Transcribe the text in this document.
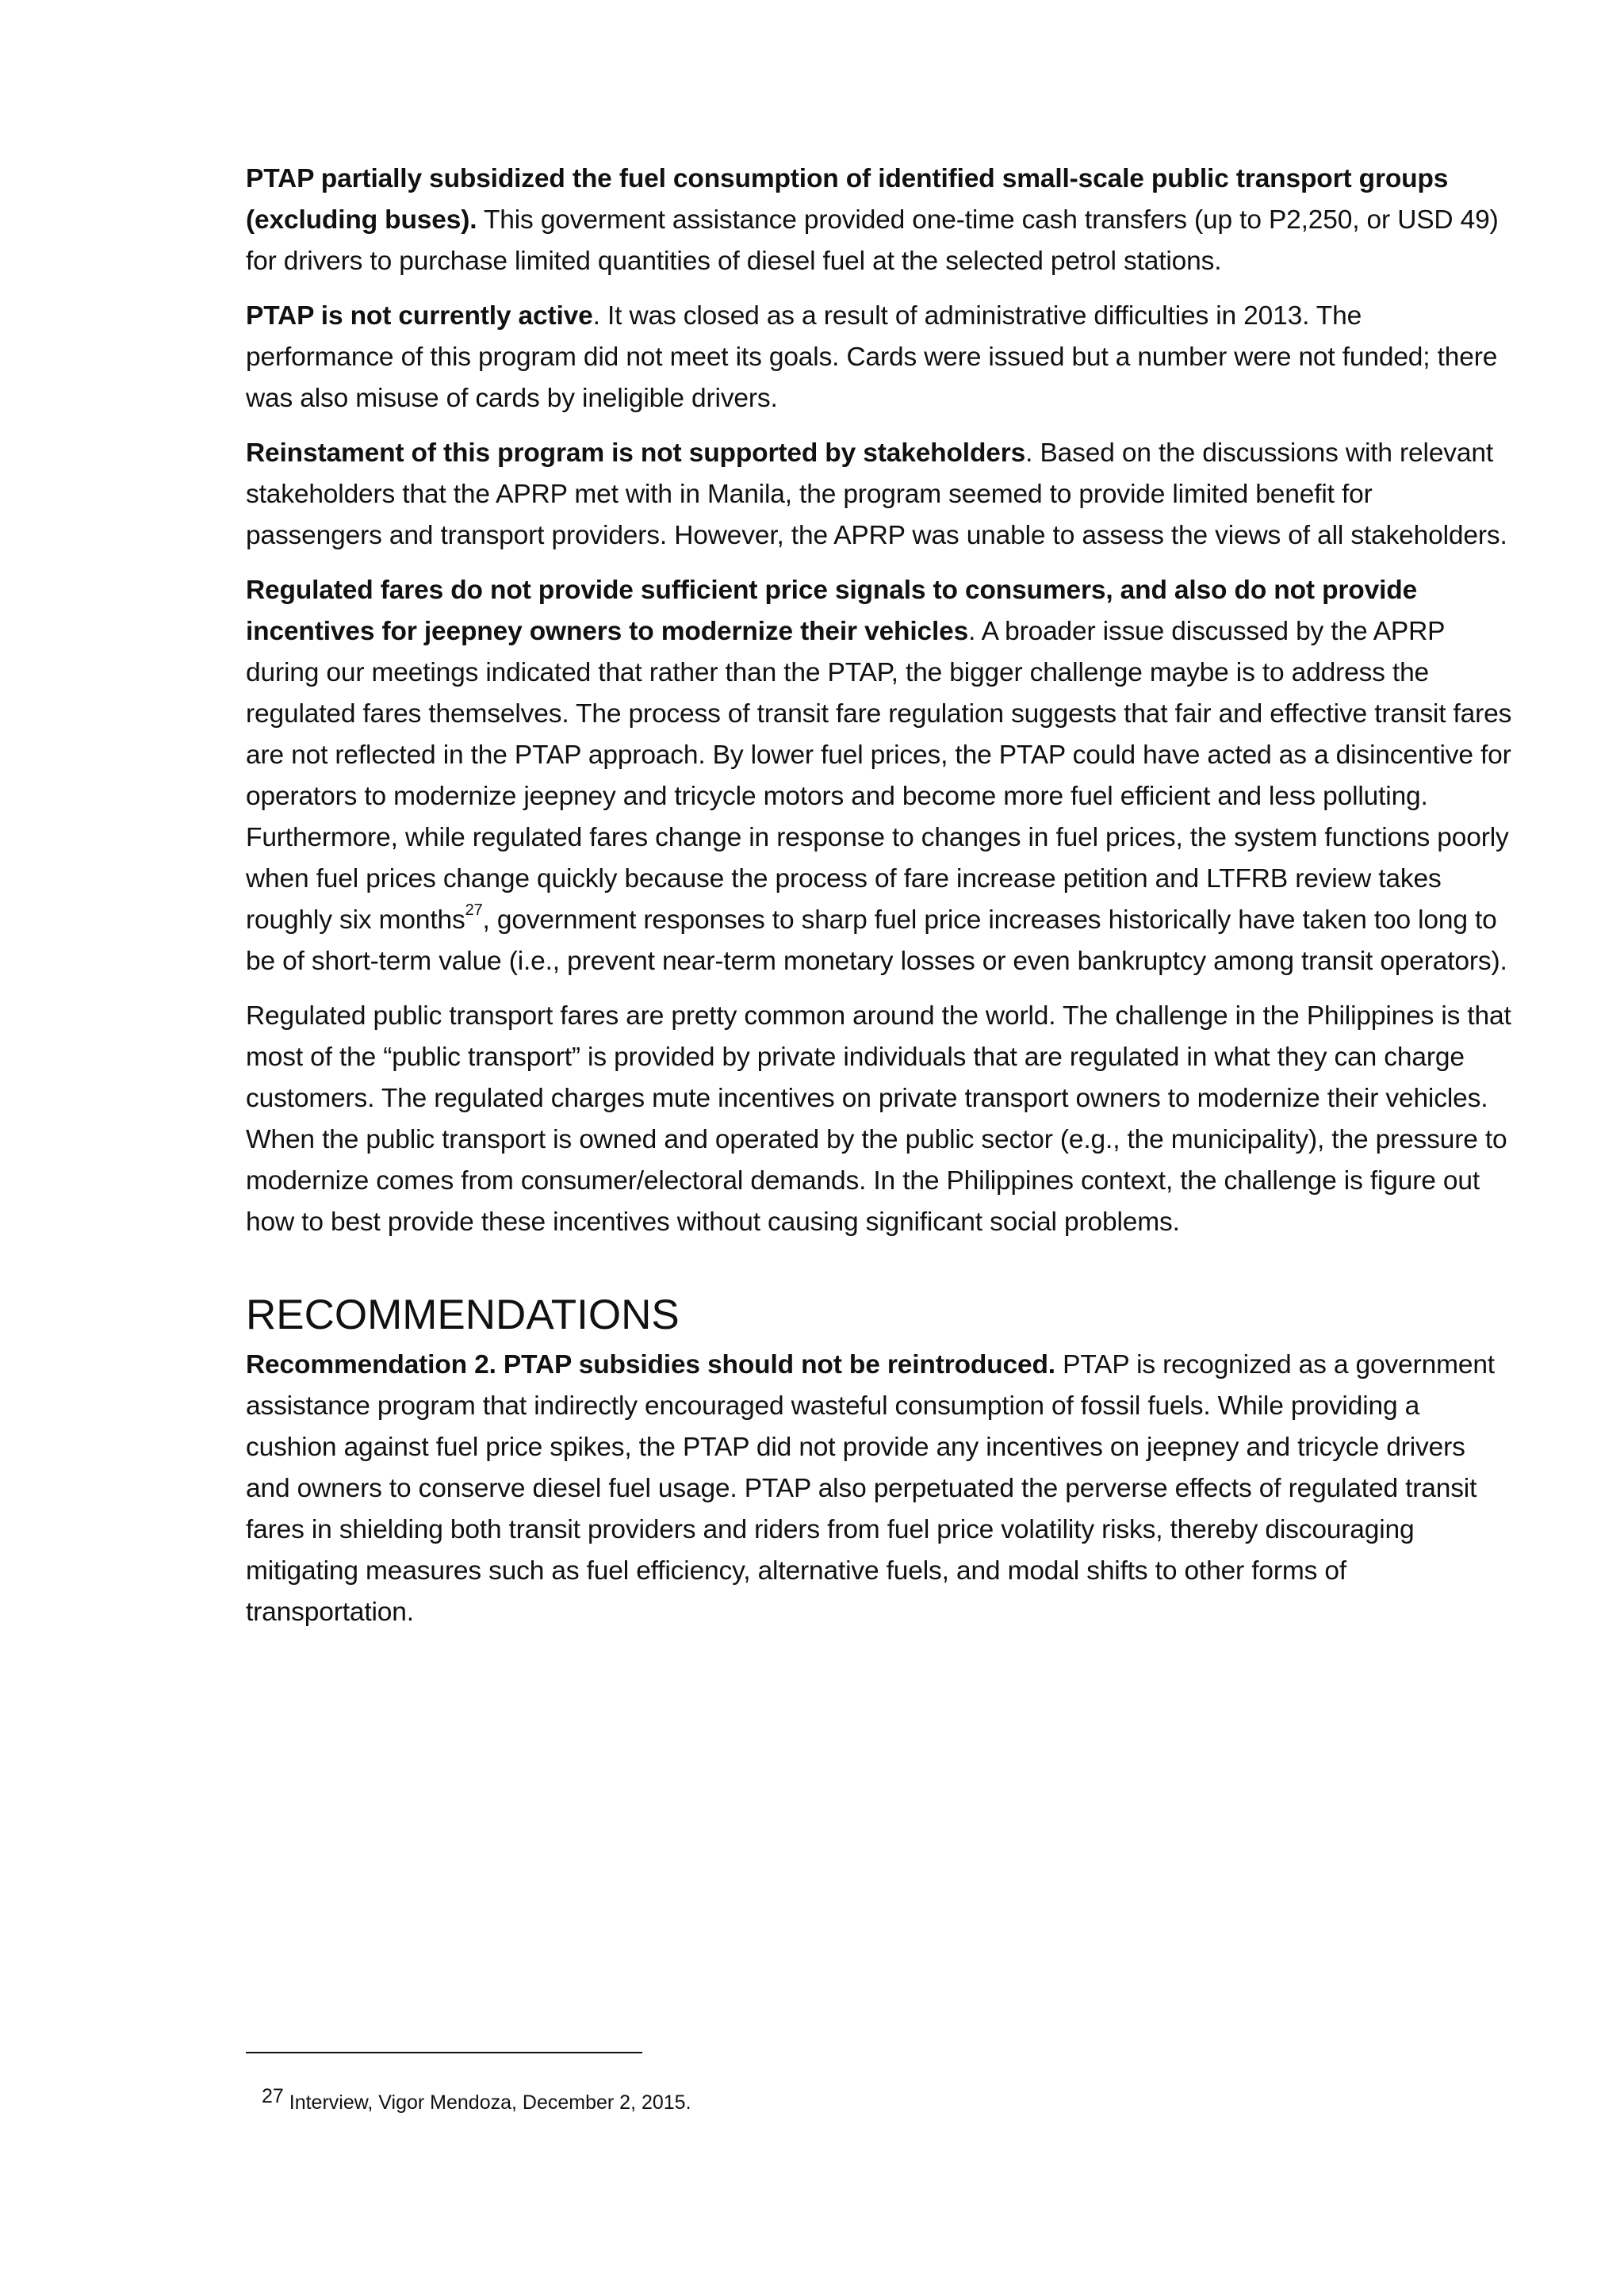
PTAP partially subsidized the fuel consumption of identified small-scale public transport groups (excluding buses). This goverment assistance provided one-time cash transfers (up to P2,250, or USD 49) for drivers to purchase limited quantities of diesel fuel at the selected petrol stations.

PTAP is not currently active. It was closed as a result of administrative difficulties in 2013. The performance of this program did not meet its goals. Cards were issued but a number were not funded; there was also misuse of cards by ineligible drivers.

Reinstament of this program is not supported by stakeholders. Based on the discussions with relevant stakeholders that the APRP met with in Manila, the program seemed to provide limited benefit for passengers and transport providers. However, the APRP was unable to assess the views of all stakeholders.

Regulated fares do not provide sufficient price signals to consumers, and also do not provide incentives for jeepney owners to modernize their vehicles. A broader issue discussed by the APRP during our meetings indicated that rather than the PTAP, the bigger challenge maybe is to address the regulated fares themselves. The process of transit fare regulation suggests that fair and effective transit fares are not reflected in the PTAP approach. By lower fuel prices, the PTAP could have acted as a disincentive for operators to modernize jeepney and tricycle motors and become more fuel efficient and less polluting. Furthermore, while regulated fares change in response to changes in fuel prices, the system functions poorly when fuel prices change quickly because the process of fare increase petition and LTFRB review takes roughly six months$^{27}$, government responses to sharp fuel price increases historically have taken too long to be of short-term value (i.e., prevent near-term monetary losses or even bankruptcy among transit operators).

Regulated public transport fares are pretty common around the world. The challenge in the Philippines is that most of the “public transport” is provided by private individuals that are regulated in what they can charge customers. The regulated charges mute incentives on private transport owners to modernize their vehicles. When the public transport is owned and operated by the public sector (e.g., the municipality), the pressure to modernize comes from consumer/electoral demands. In the Philippines context, the challenge is figure out how to best provide these incentives without causing significant social problems.

RECOMMENDATIONS

Recommendation 2. PTAP subsidies should not be reintroduced. PTAP is recognized as a government assistance program that indirectly encouraged wasteful consumption of fossil fuels. While providing a cushion against fuel price spikes, the PTAP did not provide any incentives on jeepney and tricycle drivers and owners to conserve diesel fuel usage. PTAP also perpetuated the perverse effects of regulated transit fares in shielding both transit providers and riders from fuel price volatility risks, thereby discouraging mitigating measures such as fuel efficiency, alternative fuels, and modal shifts to other forms of transportation.

$^{27}$ Interview, Vigor Mendoza, December 2, 2015.
